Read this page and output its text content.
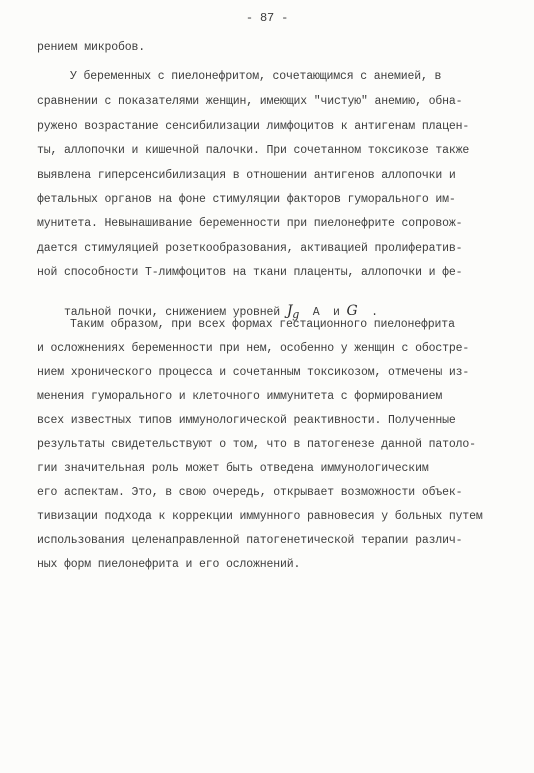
- 87 -
рением микробов.
У беременных с пиелонефритом, сочетающимся с анемией, в
сравнении с показателями женщин, имеющих "чистую" анемию, обна-
ружено возрастание сенсибилизации лимфоцитов к антигенам плацен-
ты, аллопочки и кишечной палочки. При сочетанном токсикозе также
выявлена гиперсенсибилизация в отношении антигенов аллопочки и
фетальных органов на фоне стимуляции факторов гуморального им-
мунитета. Невынашивание беременности при пиелонефрите сопровож-
дается стимуляцией розеткообразования, активацией пролифератив-
ной способности Т-лимфоцитов на ткани плаценты, аллопочки и фе-

тальной почки, снижением уровней $J_g$ A и G .

Таким образом, при всех формах гестационного пиелонефрита
и осложнениях беременности при нем, особенно у женщин с обостре-
нием хронического процесса и сочетанным токсикозом, отмечены из-
менения гуморального и клеточного иммунитета с формированием
всех известных типов иммунологической реактивности. Полученные
результаты свидетельствуют о том, что в патогенезе данной патоло-
гии значительная роль может быть отведена иммунологическим
его аспектам. Это, в свою очередь, открывает возможности объек-
тивизации подхода к коррекции иммунного равновесия у больных путем
использования целенаправленной патогенетической терапии различ-
ных форм пиелонефрита и его осложнений.
